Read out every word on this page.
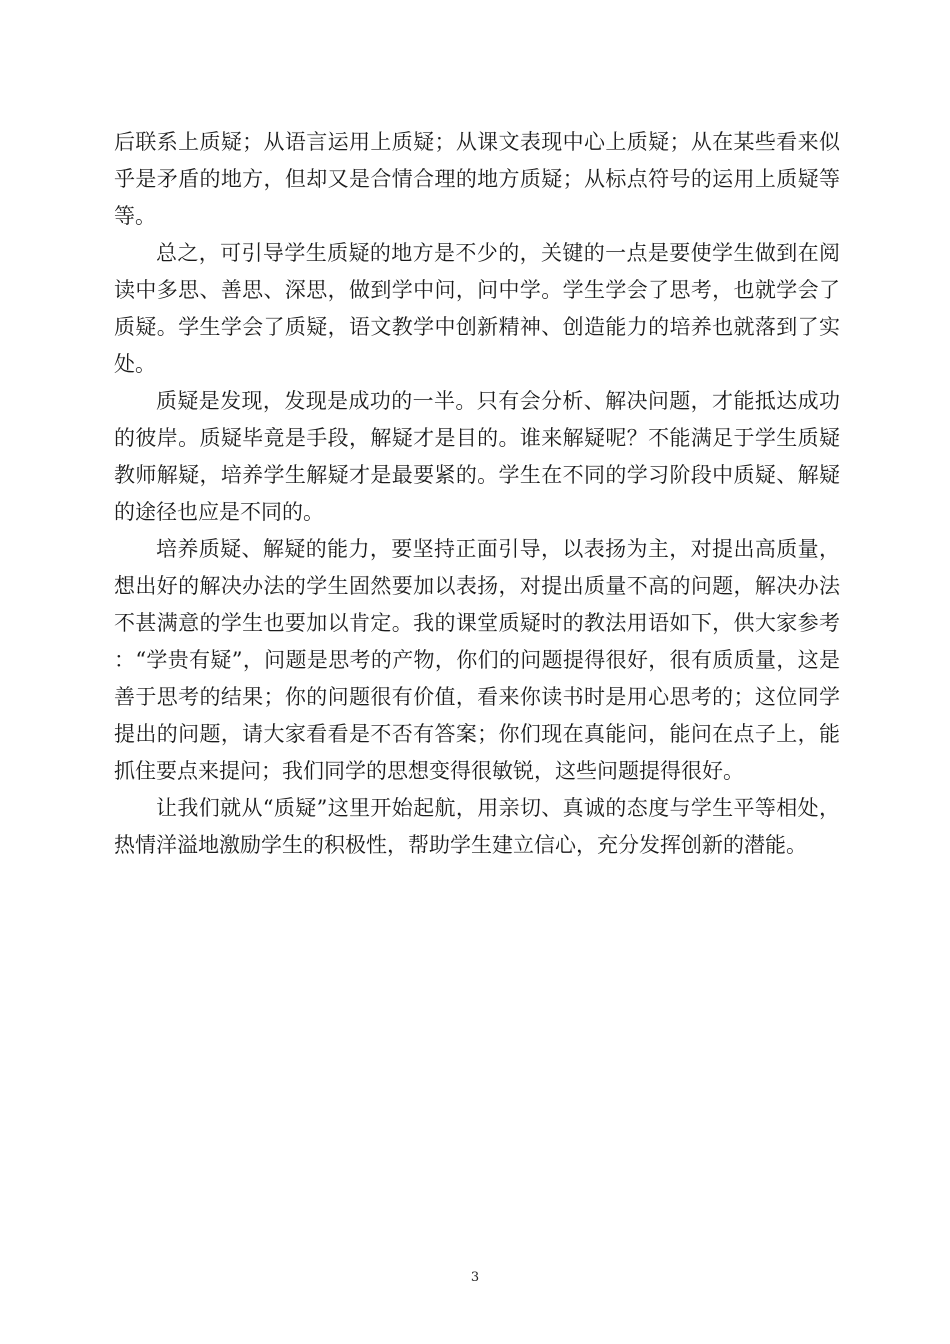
后联系上质疑；从语言运用上质疑；从课文表现中心上质疑；从在某些看来似乎是矛盾的地方，但却又是合情合理的地方质疑；从标点符号的运用上质疑等等。

总之，可引导学生质疑的地方是不少的，关键的一点是要使学生做到在阅读中多思、善思、深思，做到学中问，问中学。学生学会了思考，也就学会了质疑。学生学会了质疑，语文教学中创新精神、创造能力的培养也就落到了实处。

质疑是发现，发现是成功的一半。只有会分析、解决问题，才能抵达成功的彼岸。质疑毕竟是手段，解疑才是目的。谁来解疑呢？不能满足于学生质疑教师解疑，培养学生解疑才是最要紧的。学生在不同的学习阶段中质疑、解疑的途径也应是不同的。

培养质疑、解疑的能力，要坚持正面引导，以表扬为主，对提出高质量，想出好的解决办法的学生固然要加以表扬，对提出质量不高的问题，解决办法不甚满意的学生也要加以肯定。我的课堂质疑时的教法用语如下，供大家参考：“学贵有疑”，问题是思考的产物，你们的问题提得很好，很有质质量，这是善于思考的结果；你的问题很有价值，看来你读书时是用心思考的；这位同学提出的问题，请大家看看是不否有答案；你们现在真能问，能问在点子上，能抓住要点来提问；我们同学的思想变得很敏锐，这些问题提得很好。

让我们就从“质疑”这里开始起航，用亲切、真诚的态度与学生平等相处，热情洋溢地激励学生的积极性，帮助学生建立信心，充分发挥创新的潜能。

3
